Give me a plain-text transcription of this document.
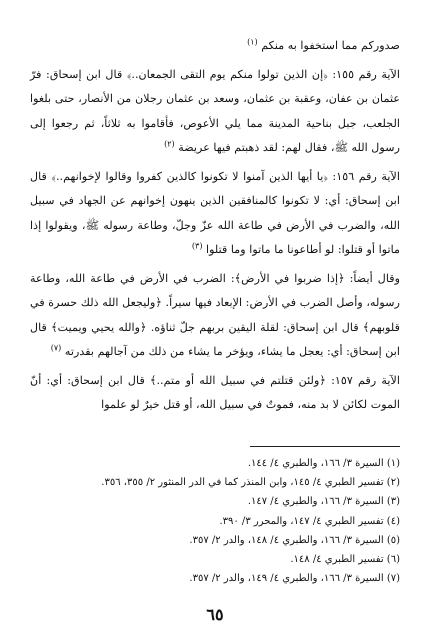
صدوركم مما استخفوا به منكم $^{(١)}$

الآية رقم ١٥٥: ﴿إن الذين تولوا منكم يوم التقى الجمعان..﴾ قال ابن إسحاق: فرّ عثمان بن عفان، وعقبة بن عثمان، وسعد بن عثمان رجلان من الأنصار، حتى بلغوا الجلعب، جبل بناحية المدينة مما يلي الأعوص، فأقاموا به ثلاثاً، ثم رجعوا إلى رسول الله ﷺ، فقال لهم: لقد ذهبتم فيها عريضة $^{(٢)}$

الآية رقم ١٥٦: ﴿يا أيها الذين آمنوا لا تكونوا كالذين كفروا وقالوا لإخوانهم..﴾ قال ابن إسحاق: أي: لا تكونوا كالمنافقين الذين ينهون إخوانهم عن الجهاد في سبيل الله، والضرب في الأرض في طاعة الله عزّ وجلّ، وطاعة رسوله ﷺ، ويقولوا إذا ماتوا أو قتلوا: لو أطاعونا ما ماتوا وما قتلوا $^{(٣)}$

وقال أيضاً: ﴿إذا ضربوا في الأرض﴾: الضرب في الأرض في طاعة الله، وطاعة رسوله، وأصل الضرب في الأرض: الإبعاد فيها سيراً. ﴿وليجعل الله ذلك حسرة في قلوبهم﴾ قال ابن إسحاق: لقلة اليقين بربهم جلّ ثناؤه. ﴿والله يحيي ويميت﴾ قال ابن إسحاق: أي: يعجل ما يشاء، ويؤخر ما يشاء من ذلك من آجالهم بقدرته $^{(٧)}$

الآية رقم ١٥٧: ﴿ولئن قتلتم في سبيل الله أو متم..﴾ قال ابن إسحاق: أي: أنّ الموت لكائن لا بد منه، فموتٌ في سبيل الله، أو قتل خيرٌ لو علموا

(١) السيرة ٣/ ١٦٦، والطبري ٤/ ١٤٤.
(٢) تفسير الطبري ٤/ ١٤٥، وابن المنذر كما في الدر المنثور ٢/ ٣٥٥، ٣٥٦.
(٣) السيرة ٣/ ١٦٦، والطبري ٤/ ١٤٧.
(٤) تفسير الطبري ٤/ ١٤٧، والمحرر ٣/ ٣٩٠.
(٥) السيرة ٣/ ١٦٦، والطبري ٤/ ١٤٨، والدر ٢/ ٣٥٧.
(٦) تفسير الطبري ٤/ ١٤٨.
(٧) السيرة ٣/ ١٦٦، والطبري ٤/ ١٤٩، والدر ٢/ ٣٥٧.
٦٥
